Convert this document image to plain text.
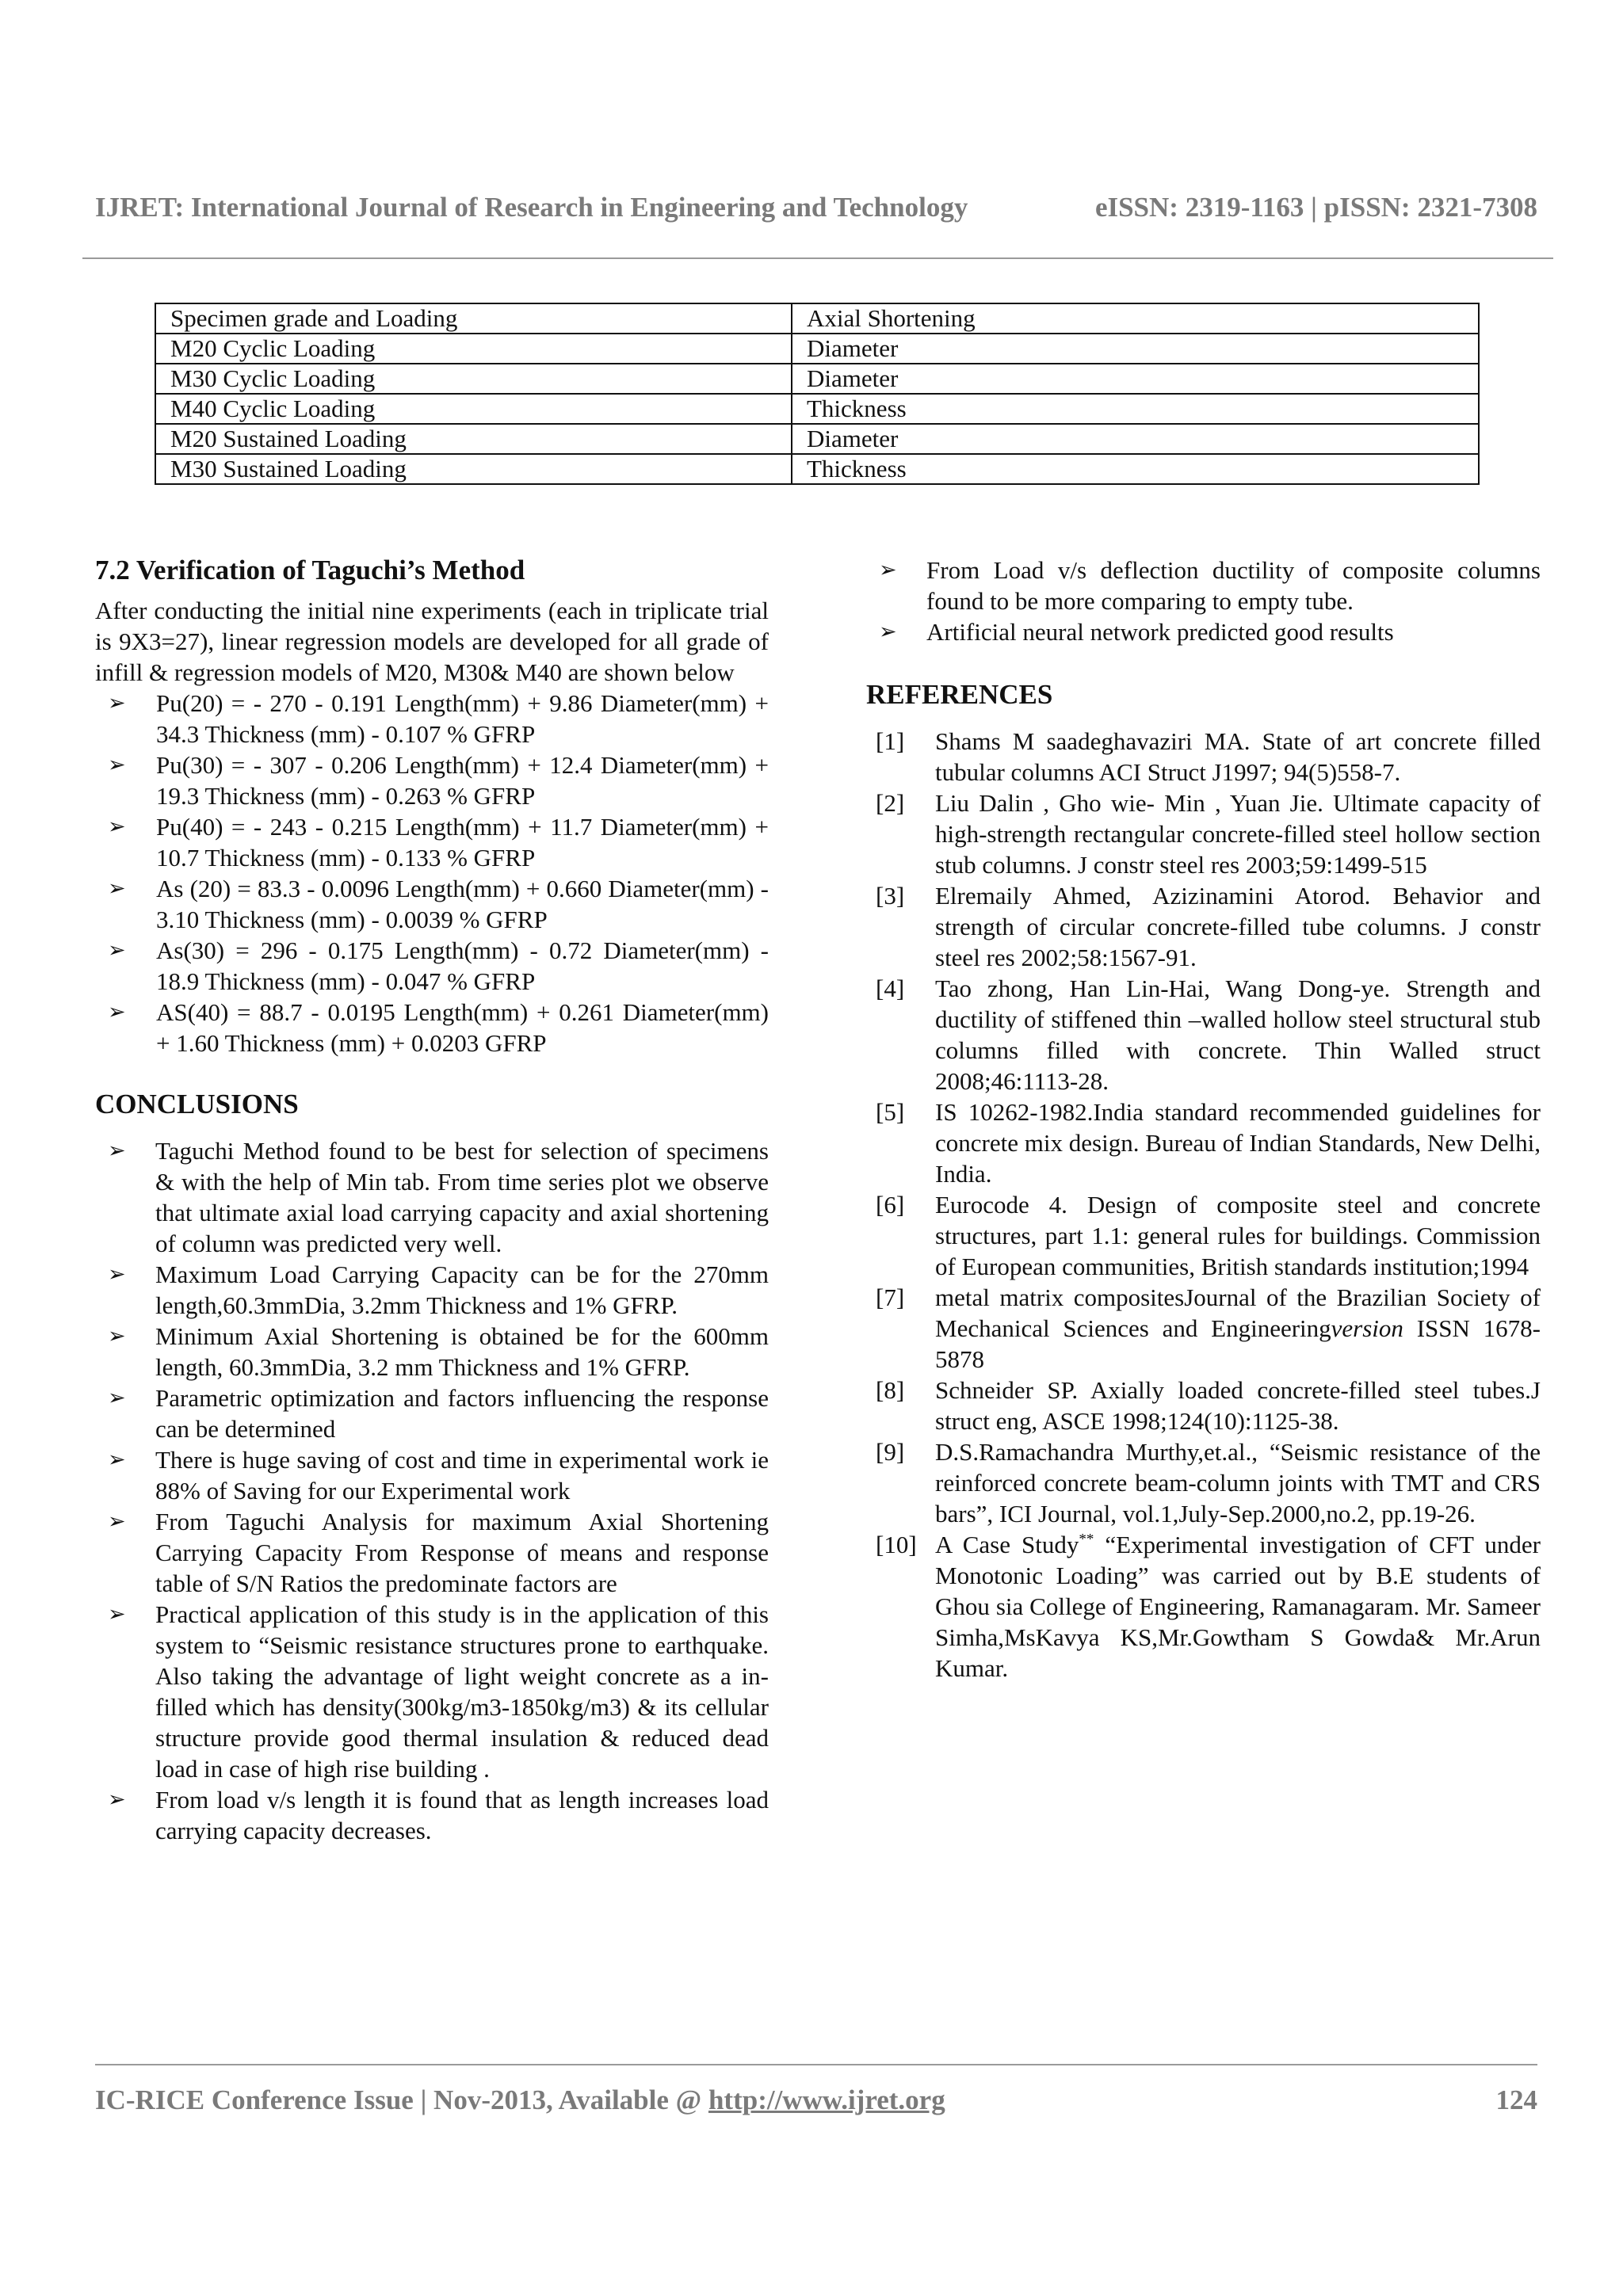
IJRET: International Journal of Research in Engineering and Technology	eISSN: 2319-1163 | pISSN: 2321-7308
Specimen grade and Loading	Axial Shortening
M20 Cyclic Loading	Diameter
M30 Cyclic Loading	Diameter
M40 Cyclic Loading	Thickness
M20 Sustained Loading	Diameter
M30 Sustained Loading	Thickness
7.2 Verification of Taguchi’s Method

After conducting the initial nine experiments (each in triplicate trial is 9X3=27), linear regression models are developed for all grade of infill & regression models of M20, M30& M40 are shown below

➢ Pu(20) = - 270 - 0.191 Length(mm) + 9.86 Diameter(mm) + 34.3 Thickness (mm) - 0.107 % GFRP
➢ Pu(30) = - 307 - 0.206 Length(mm) + 12.4 Diameter(mm) + 19.3 Thickness (mm) - 0.263 % GFRP
➢ Pu(40) = - 243 - 0.215 Length(mm) + 11.7 Diameter(mm) + 10.7 Thickness (mm) - 0.133 % GFRP
➢ As (20) = 83.3 - 0.0096 Length(mm) + 0.660 Diameter(mm) - 3.10 Thickness (mm) - 0.0039 % GFRP
➢ As(30) = 296 - 0.175 Length(mm) - 0.72 Diameter(mm) - 18.9 Thickness (mm) - 0.047 % GFRP
➢ AS(40) = 88.7 - 0.0195 Length(mm) + 0.261 Diameter(mm) + 1.60 Thickness (mm) + 0.0203 GFRP
CONCLUSIONS
➢ Taguchi Method found to be best for selection of specimens & with the help of Min tab. From time series plot we observe that ultimate axial load carrying capacity and axial shortening of column was predicted very well.
➢ Maximum Load Carrying Capacity can be for the 270mm length,60.3mmDia, 3.2mm Thickness and 1% GFRP.
➢ Minimum Axial Shortening is obtained be for the 600mm length, 60.3mmDia, 3.2 mm Thickness and 1% GFRP.
➢ Parametric optimization and factors influencing the response can be determined
➢ There is huge saving of cost and time in experimental work ie 88% of Saving for our Experimental work
➢ From Taguchi Analysis for maximum Axial Shortening Carrying Capacity From Response of means and response table of S/N Ratios the predominate factors are
➢ Practical application of this study is in the application of this system to “Seismic resistance structures prone to earthquake. Also taking the advantage of light weight concrete as a in-filled which has density(300kg/m3-1850kg/m3) & its cellular structure provide good thermal insulation & reduced dead load in case of high rise building .
➢ From load v/s length it is found that as length increases load carrying capacity decreases.
➢ From Load v/s deflection ductility of composite columns found to be more comparing to empty tube.
➢ Artificial neural network predicted good results
REFERENCES
[1] Shams M saadeghavaziri MA. State of art concrete filled tubular columns ACI Struct J1997; 94(5)558-7.
[2] Liu Dalin , Gho wie- Min , Yuan Jie. Ultimate capacity of high-strength rectangular concrete-filled steel hollow section stub columns. J constr steel res 2003;59:1499-515
[3] Elremaily Ahmed, Azizinamini Atorod. Behavior and strength of circular concrete-filled tube columns. J constr steel res 2002;58:1567-91.
[4] Tao zhong, Han Lin-Hai, Wang Dong-ye. Strength and ductility of stiffened thin –walled hollow steel structural stub columns filled with concrete. Thin Walled struct 2008;46:1113-28.
[5] IS 10262-1982.India standard recommended guidelines for concrete mix design. Bureau of Indian Standards, New Delhi, India.
[6] Eurocode 4. Design of composite steel and concrete structures, part 1.1: general rules for buildings. Commission of European communities, British standards institution;1994
[7] metal matrix compositesJournal of the Brazilian Society of Mechanical Sciences and Engineeringversion ISSN 1678-5878
[8] Schneider SP. Axially loaded concrete-filled steel tubes.J struct eng, ASCE 1998;124(10):1125-38.
[9] D.S.Ramachandra Murthy,et.al., “Seismic resistance of the reinforced concrete beam-column joints with TMT and CRS bars”, ICI Journal, vol.1,July-Sep.2000,no.2, pp.19-26.
[10] A Case Study** “Experimental investigation of CFT under Monotonic Loading” was carried out by B.E students of Ghou sia College of Engineering, Ramanagaram. Mr. Sameer Simha,MsKavya KS,Mr.Gowtham S Gowda& Mr.Arun Kumar.
IC-RICE Conference Issue | Nov-2013, Available @ http://www.ijret.org	124
